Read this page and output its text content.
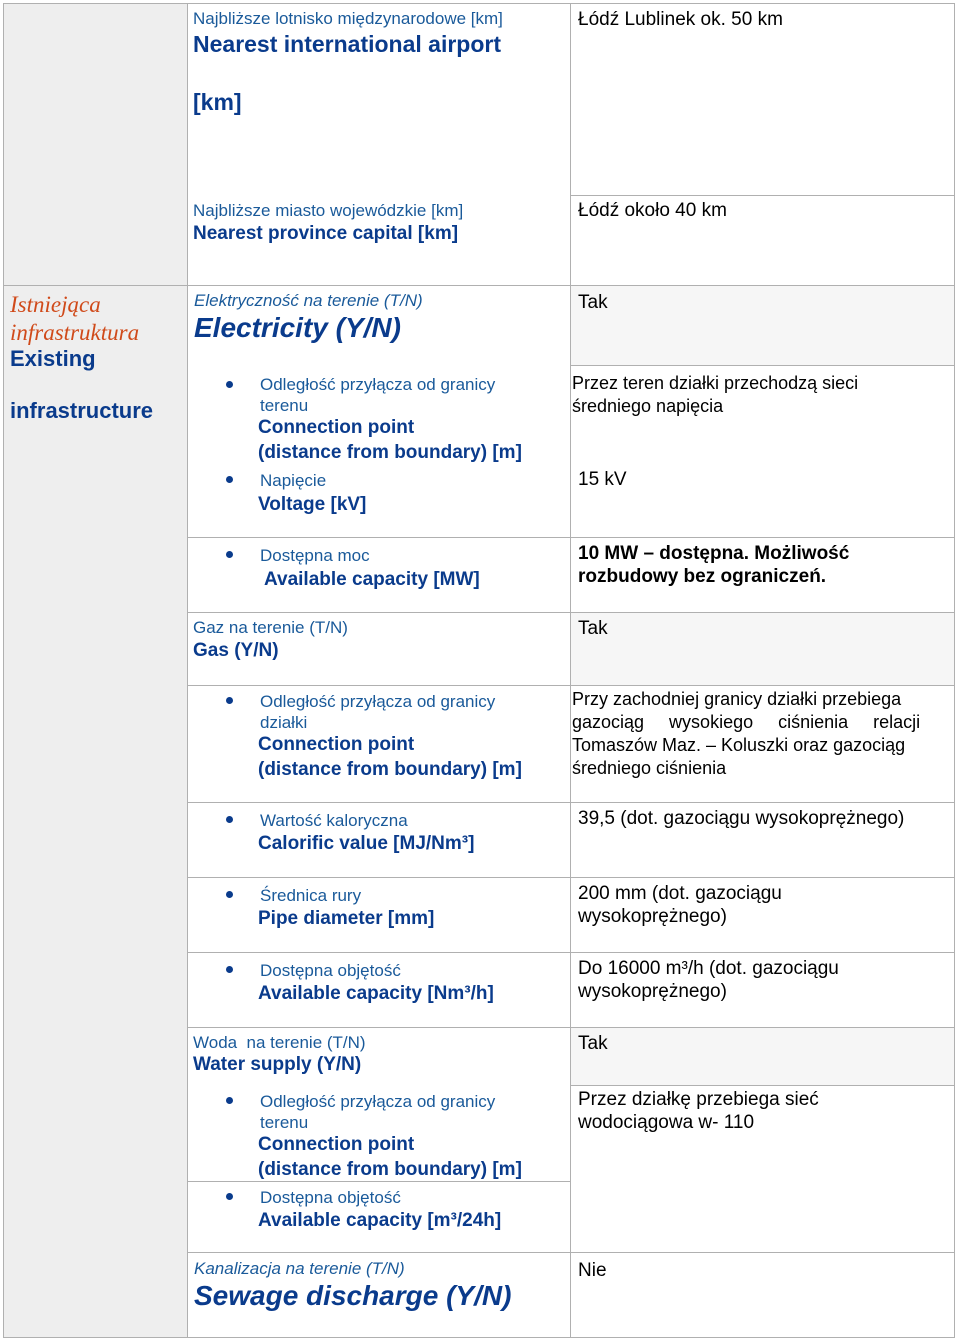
Najbliższe lotnisko międzynarodowe [km]
Nearest international airport
[km]
Łódź Lublinek ok. 50 km
Najbliższe miasto wojewódzkie [km]
Nearest province capital [km]
Łódź około 40 km
Istniejąca
infrastruktura
Existing
infrastructure
Elektryczność na terenie (T/N)
Electricity (Y/N)
Tak
Odległość przyłącza od granicy
terenu
Connection point
(distance from boundary) [m]
Przez teren działki przechodzą sieci
średniego napięcia
Napięcie
Voltage [kV]
15 kV
Dostępna moc
Available capacity [MW]
10 MW – dostępna. Możliwość
rozbudowy bez ograniczeń.
Gaz na terenie (T/N)
Gas (Y/N)
Tak
Odległość przyłącza od granicy
działki
Connection point
(distance from boundary) [m]
Przy zachodniej granicy działki przebiega
gazociąg wysokiego ciśnienia relacji
Tomaszów Maz. – Koluszki oraz gazociąg
średniego ciśnienia
Wartość kaloryczna
Calorific value [MJ/Nm³]
39,5 (dot. gazociągu wysokoprężnego)
Średnica rury
Pipe diameter [mm]
200 mm (dot. gazociągu
wysokoprężnego)
Dostępna objętość
Available capacity [Nm³/h]
Do 16000 m³/h (dot. gazociągu
wysokoprężnego)
Woda  na terenie (T/N)
Water supply (Y/N)
Tak
Odległość przyłącza od granicy
terenu
Connection point
(distance from boundary) [m]
Przez działkę przebiega sieć
wodociągowa w- 110
Dostępna objętość
Available capacity [m³/24h]
Kanalizacja na terenie (T/N)
Sewage discharge (Y/N)
Nie
